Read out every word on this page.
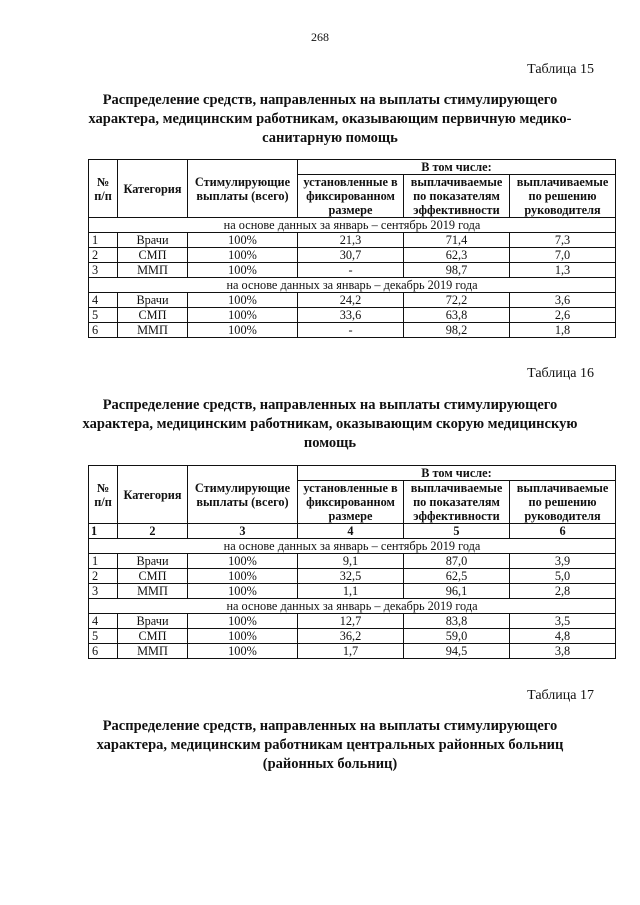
268
Таблица 15
Распределение средств, направленных на выплаты стимулирующего характера, медицинским работникам, оказывающим первичную медико-санитарную помощь
№
п/п	Категория	Стимулирующие выплаты (всего)	В том числе:		
			установленные в фиксированном размере	выплачиваемые по показателям эффективности	выплачиваемые по решению руководителя
на основе данных за январь – сентябрь 2019 года					
1	Врачи	100%	21,3	71,4	7,3
2	СМП	100%	30,7	62,3	7,0
3	ММП	100%	-	98,7	1,3
на основе данных за январь – декабрь 2019 года					
4	Врачи	100%	24,2	72,2	3,6
5	СМП	100%	33,6	63,8	2,6
6	ММП	100%	-	98,2	1,8
Таблица 16
Распределение средств, направленных на выплаты стимулирующего характера, медицинским работникам, оказывающим скорую медицинскую помощь
№
п/п	Категория	Стимулирующие выплаты (всего)	В том числе:		
			установленные в фиксированном размере	выплачиваемые по показателям эффективности	выплачиваемые по решению руководителя
1	2	3	4	5	6
на основе данных за январь – сентябрь 2019 года					
1	Врачи	100%	9,1	87,0	3,9
2	СМП	100%	32,5	62,5	5,0
3	ММП	100%	1,1	96,1	2,8
на основе данных за январь – декабрь 2019 года					
4	Врачи	100%	12,7	83,8	3,5
5	СМП	100%	36,2	59,0	4,8
6	ММП	100%	1,7	94,5	3,8
Таблица 17
Распределение средств, направленных на выплаты стимулирующего характера, медицинским работникам центральных районных больниц (районных больниц)
